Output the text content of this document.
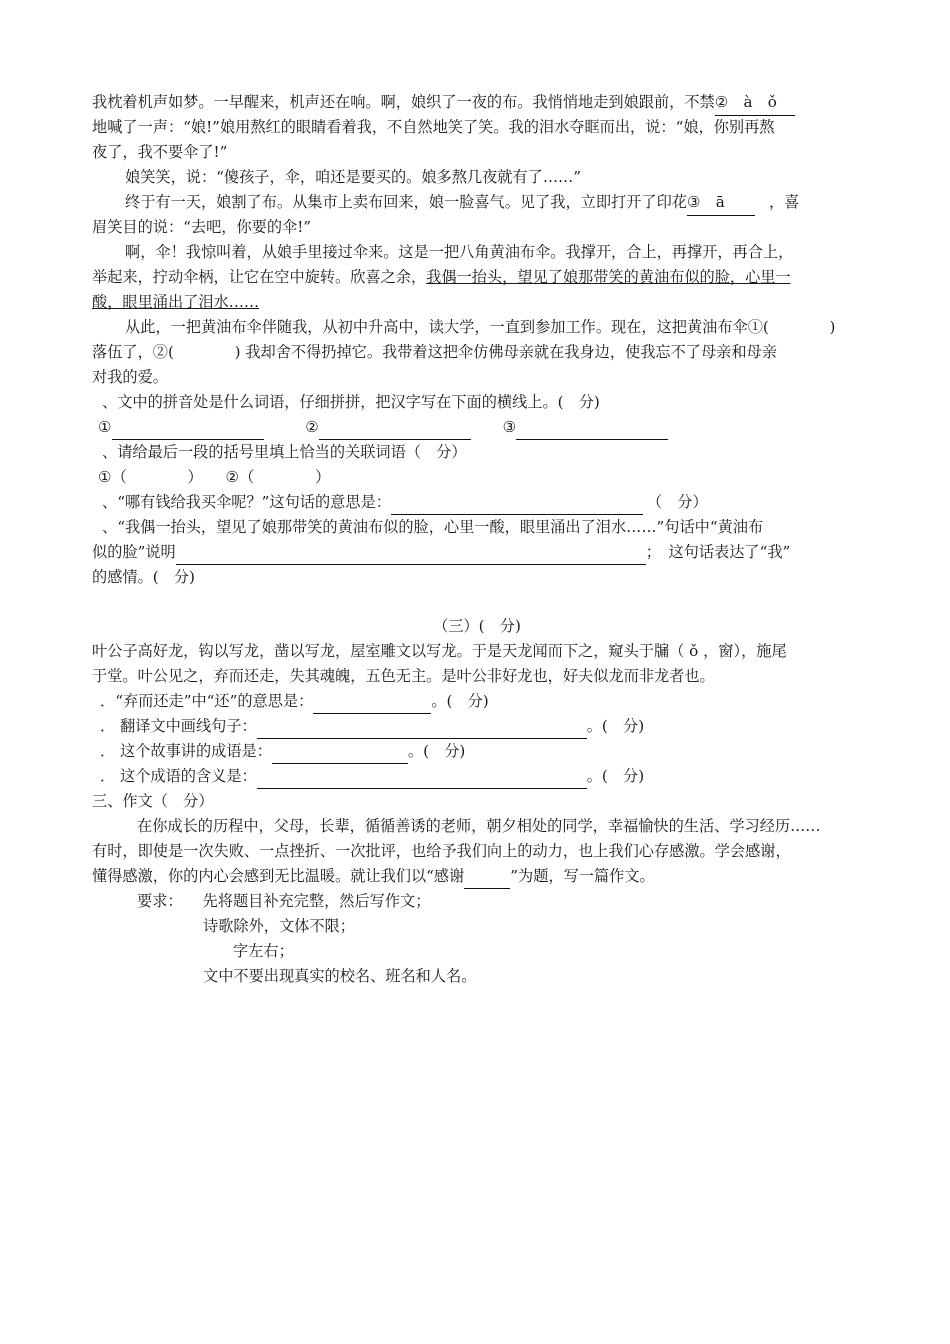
我枕着机声如梦。一早醒来，机声还在响。啊，娘织了一夜的布。我悄悄地走到娘跟前，不禁②　à　ǒ
地喊了一声：“娘!”娘用熬红的眼睛看着我，不自然地笑了笑。我的泪水夺眶而出，说：“娘，你别再熬
夜了，我不要伞了!”
娘笑笑，说：“傻孩子，伞，咱还是要买的。娘多熬几夜就有了……”
终于有一天，娘割了布。从集市上卖布回来，娘一脸喜气。见了我，立即打开了印花③　ā　，喜
眉笑目的说：“去吧，你要的伞!”
啊，伞！我惊叫着，从娘手里接过伞来。这是一把八角黄油布伞。我撑开，合上，再撑开，再合上，
举起来，拧动伞柄，让它在空中旋转。欣喜之余，我偶一抬头，望见了娘那带笑的黄油布似的脸，心里一
酸，眼里涌出了泪水……
从此，一把黄油布伞伴随我，从初中升高中，读大学，一直到参加工作。现在，这把黄油布伞①(　　　　)
落伍了，②(　　　　) 我却舍不得扔掉它。我带着这把伞仿佛母亲就在我身边，使我忘不了母亲和母亲
对我的爱。
、文中的拼音处是什么词语，仔细拼拼，把汉字写在下面的横线上。(　分)
①	②	③
、请给最后一段的括号里填上恰当的关联词语（　分）
①（　　　　）　　②（　　　　）
、“哪有钱给我买伞呢？”这句话的意思是：	（　分）
、“我偶一抬头，望见了娘那带笑的黄油布似的脸，心里一酸，眼里涌出了泪水……”句话中“黄油布
似的脸”说明	；　这句话表达了“我”
的感情。(　分)
（三）(　分)
叶公子高好龙，钩以写龙，凿以写龙，屋室雕文以写龙。于是天龙闻而下之，窥头于牖（ ǒ ，窗），施尾
于堂。叶公见之，弃而还走，失其魂魄，五色无主。是叶公非好龙也，好夫似龙而非龙者也。
．“弃而还走”中“还”的意思是：	。(　分)
． 翻译文中画线句子：	。(　分)
． 这个故事讲的成语是：	。(　分)
． 这个成语的含义是：	。(　分)
三、作文（　分）
在你成长的历程中，父母，长辈，循循善诱的老师，朝夕相处的同学，幸福愉快的生活、学习经历……
有时，即使是一次失败、一点挫折、一次批评，也给予我们向上的动力，也上我们心存感激。学会感谢，
懂得感激，你的内心会感到无比温暖。就让我们以“感谢	”为题，写一篇作文。
要求： 先将题目补充完整，然后写作文；
诗歌除外，文体不限；
字左右；
文中不要出现真实的校名、班名和人名。
